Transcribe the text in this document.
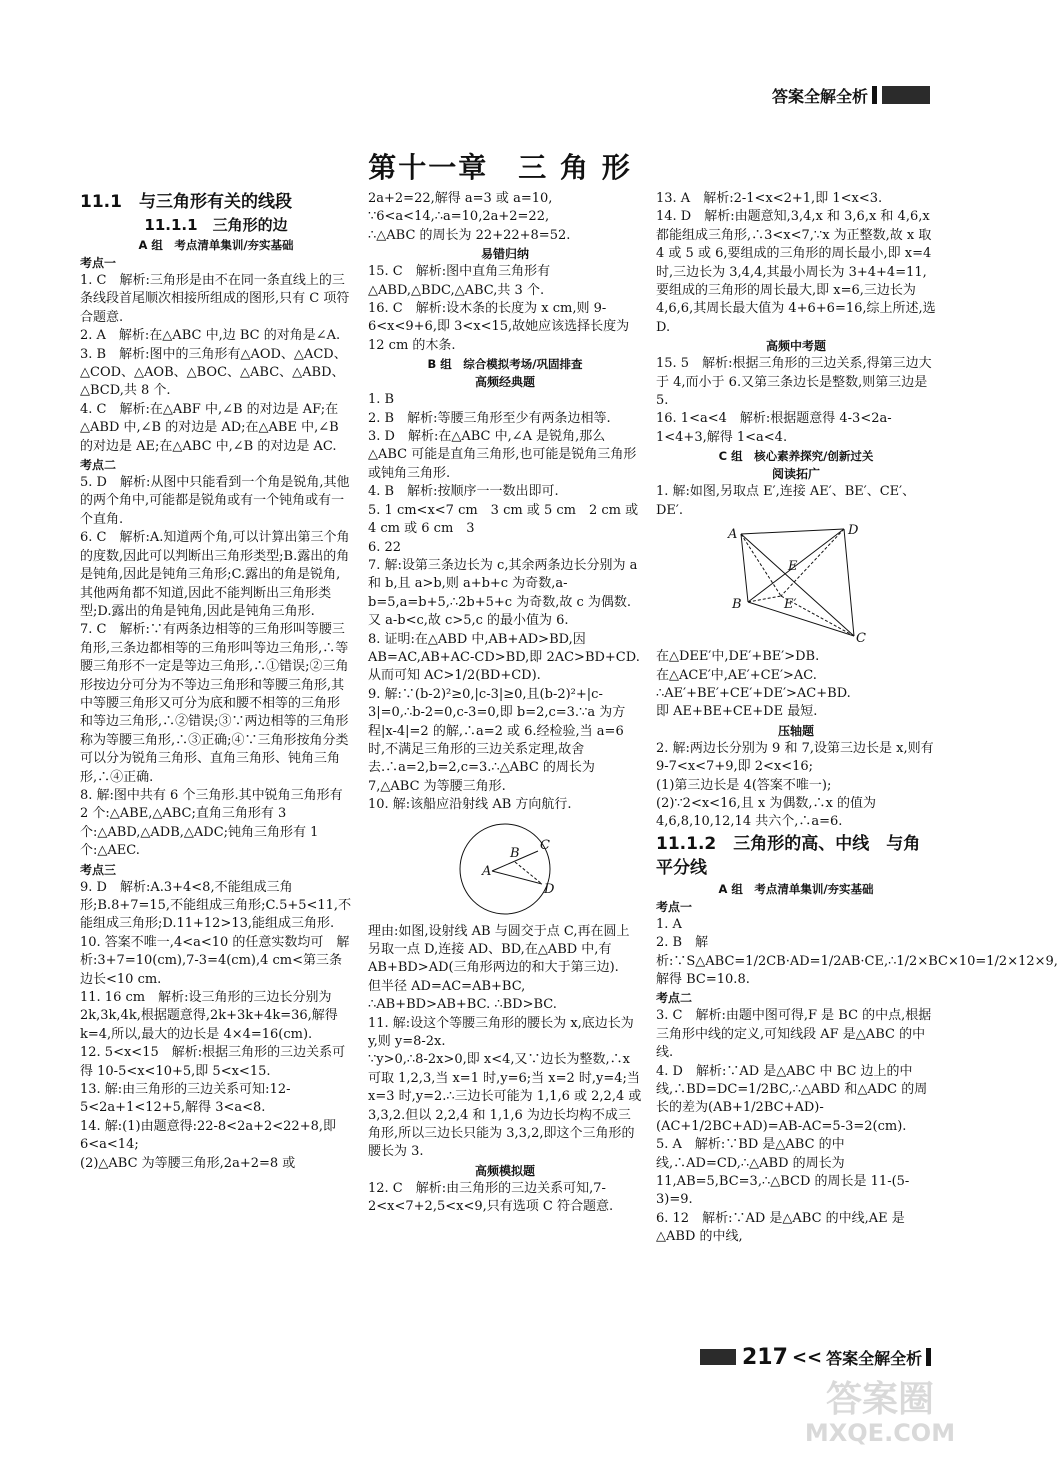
答案全解全析
第十一章　三 角 形
11.1　与三角形有关的线段
11.1.1　三角形的边
A 组　考点清单集训/夯实基础
考点一

1. C　解析:三角形是由不在同一条直线上的三条线段首尾顺次相接所组成的图形,只有 C 项符合题意.

2. A　解析:在△ABC 中,边 BC 的对角是∠A.

3. B　解析:图中的三角形有△AOD、△ACD、△COD、△AOB、△BOC、△ABC、△ABD、△BCD,共 8 个.

4. C　解析:在△ABF 中,∠B 的对边是 AF;在△ABD 中,∠B 的对边是 AD;在△ABE 中,∠B 的对边是 AE;在△ABC 中,∠B 的对边是 AC.

考点二

5. D　解析:从图中只能看到一个角是锐角,其他的两个角中,可能都是锐角或有一个钝角或有一个直角.

6. C　解析:A.知道两个角,可以计算出第三个角的度数,因此可以判断出三角形类型;B.露出的角是钝角,因此是钝角三角形;C.露出的角是锐角,其他两角都不知道,因此不能判断出三角形类型;D.露出的角是钝角,因此是钝角三角形.

7. C　解析:∵有两条边相等的三角形叫等腰三角形,三条边都相等的三角形叫等边三角形,∴等腰三角形不一定是等边三角形,∴①错误;②三角形按边分可分为不等边三角形和等腰三角形,其中等腰三角形又可分为底和腰不相等的三角形和等边三角形,∴②错误;③∵两边相等的三角形称为等腰三角形,∴③正确;④∵三角形按角分类可以分为锐角三角形、直角三角形、钝角三角形,∴④正确.

8. 解:图中共有 6 个三角形.其中锐角三角形有 2 个:△ABE,△ABC;直角三角形有 3 个:△ABD,△ADB,△ADC;钝角三角形有 1 个:△AEC.

考点三

9. D　解析:A.3+4<8,不能组成三角形;B.8+7=15,不能组成三角形;C.5+5<11,不能组成三角形;D.11+12>13,能组成三角形.

10. 答案不唯一,4<a<10 的任意实数均可　解析:3+7=10(cm),7-3=4(cm),4 cm<第三条边长<10 cm.

11. 16 cm　解析:设三角形的三边长分别为2k,3k,4k,根据题意得,2k+3k+4k=36,解得 k=4,所以,最大的边长是 4×4=16(cm).

12. 5<x<15　解析:根据三角形的三边关系可得 10-5<x<10+5,即 5<x<15.

13. 解:由三角形的三边关系可知:12-5<2a+1<12+5,解得 3<a<8.

14. 解:(1)由题意得:22-8<2a+2<22+8,即 6<a<14;

(2)△ABC 为等腰三角形,2a+2=8 或

2a+2=22,解得 a=3 或 a=10,

∵6<a<14,∴a=10,2a+2=22,

∴△ABC 的周长为 22+22+8=52.

易错归纳

15. C　解析:图中直角三角形有△ABD,△BDC,△ABC,共 3 个.

16. C　解析:设木条的长度为 x cm,则 9-6<x<9+6,即 3<x<15,故她应该选择长度为 12 cm 的木条.

B 组　综合模拟考场/巩固排查
高频经典题

1. B

2. B　解析:等腰三角形至少有两条边相等.

3. D　解析:在△ABC 中,∠A 是锐角,那么△ABC 可能是直角三角形,也可能是锐角三角形或钝角三角形.

4. B　解析:按顺序一一数出即可.

5. 1 cm<x<7 cm　3 cm 或 5 cm　2 cm 或 4 cm 或 6 cm　3

6. 22

7. 解:设第三条边长为 c,其余两条边长分别为 a 和 b,且 a>b,则 a+b+c 为奇数,a-b=5,a=b+5,∴2b+5+c 为奇数,故 c 为偶数.又 a-b<c,故 c>5,c 的最小值为 6.

8. 证明:在△ABD 中,AB+AD>BD,因 AB=AC,AB+AC-CD>BD,即 2AC>BD+CD.从而可知 AC>1/2(BD+CD).

9. 解:∵(b-2)²≥0,|c-3|≥0,且(b-2)²+|c-3|=0,∴b-2=0,c-3=0,即 b=2,c=3.∵a 为方程|x-4|=2 的解,∴a=2 或 6.经检验,当 a=6 时,不满足三角形的三边关系定理,故舍去.∴a=2,b=2,c=3.∴△ABC 的周长为 7,△ABC 为等腰三角形.

10. 解:该船应沿射线 AB 方向航行.

A
B
C
D

理由:如图,设射线 AB 与圆交于点 C,再在圆上另取一点 D,连接 AD、BD,在△ABD 中,有 AB+BD>AD(三角形两边的和大于第三边).

但半径 AD=AC=AB+BC,

∴AB+BD>AB+BC. ∴BD>BC.

11. 解:设这个等腰三角形的腰长为 x,底边长为 y,则 y=8-2x.

∵y>0,∴8-2x>0,即 x<4,又∵边长为整数,∴x 可取 1,2,3,当 x=1 时,y=6;当 x=2 时,y=4;当 x=3 时,y=2.∴三边长可能为 1,1,6 或 2,2,4 或 3,3,2.但以 2,2,4 和 1,1,6 为边长均构不成三角形,所以三边长只能为 3,3,2,即这个三角形的腰长为 3.

高频模拟题

12. C　解析:由三角形的三边关系可知,7-2<x<7+2,5<x<9,只有选项 C 符合题意.

13. A　解析:2-1<x<2+1,即 1<x<3.

14. D　解析:由题意知,3,4,x 和 3,6,x 和 4,6,x 都能组成三角形,∴3<x<7,∵x 为正整数,故 x 取 4 或 5 或 6,要组成的三角形的周长最小,即 x=4 时,三边长为 3,4,4,其最小周长为 3+4+4=11,要组成的三角形的周长最大,即 x=6,三边长为 4,6,6,其周长最大值为 4+6+6=16,综上所述,选 D.

高频中考题

15. 5　解析:根据三角形的三边关系,得第三边大于 4,而小于 6.又第三条边长是整数,则第三边是 5.

16. 1<a<4　解析:根据题意得 4-3<2a-1<4+3,解得 1<a<4.

C 组　核心素养探究/创新过关
阅读拓广

1. 解:如图,另取点 E′,连接 AE′、BE′、CE′、DE′.

A	D
B
C
E
E′

在△DEE′中,DE′+BE′>DB.

在△ACE′中,AE′+CE′>AC.

∴AE′+BE′+CE′+DE′>AC+BD.

即 AE+BE+CE+DE 最短.

压轴题

2. 解:两边长分别为 9 和 7,设第三边长是 x,则有 9-7<x<7+9,即 2<x<16;

(1)第三边长是 4(答案不唯一);

(2)∵2<x<16,且 x 为偶数,∴x 的值为 4,6,8,10,12,14 共六个,∴a=6.

11.1.2　三角形的高、中线　与角平分线
A 组　考点清单集训/夯实基础
考点一

1. A

2. B　解析:∵S△ABC=1/2CB·AD=1/2AB·CE,∴1/2×BC×10=1/2×12×9,解得 BC=10.8.

考点二

3. C　解析:由题中图可得,F 是 BC 的中点,根据三角形中线的定义,可知线段 AF 是△ABC 的中线.

4. D　解析:∵AD 是△ABC 中 BC 边上的中线,∴BD=DC=1/2BC,∴△ABD 和△ADC 的周长的差为(AB+1/2BC+AD)-(AC+1/2BC+AD)=AB-AC=5-3=2(cm).

5. A　解析:∵BD 是△ABC 的中线,∴AD=CD,∴△ABD 的周长为 11,AB=5,BC=3,∴△BCD 的周长是 11-(5-3)=9.

6. 12　解析:∵AD 是△ABC 的中线,AE 是△ABD 的中线,

217 << 答案全解全析
答案圈
MXQE.COM
